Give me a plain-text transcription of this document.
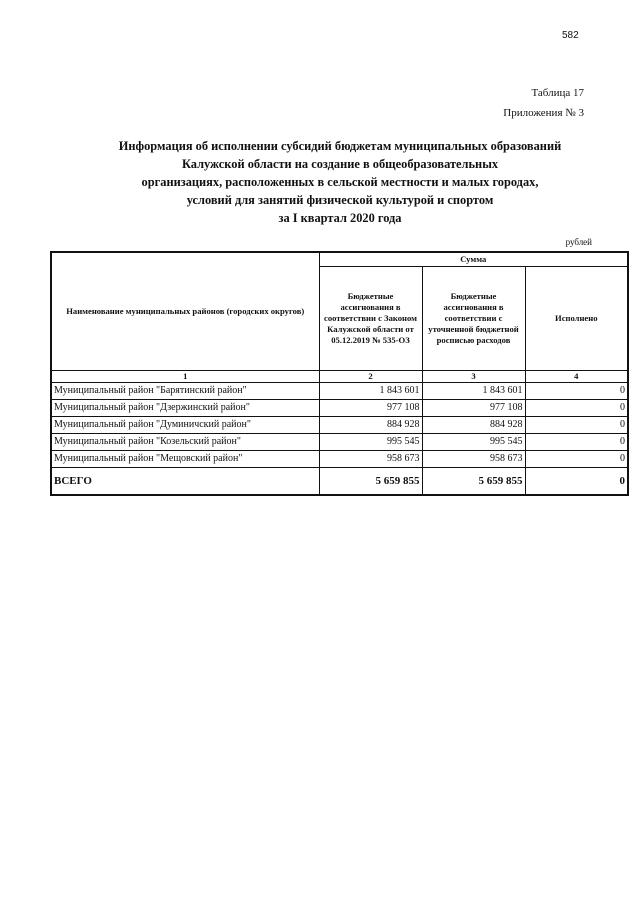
582
Таблица 17
Приложения № 3
Информация об исполнении субсидий бюджетам муниципальных образований
Калужской области на создание в общеобразовательных
организациях, расположенных в сельской местности и малых городах,
условий для занятий физической культурой и спортом
за I квартал 2020 года
рублей
Наименование муниципальных районов (городских округов)	Сумма		
	Бюджетные ассигнования в соответствии с Законом Калужской области от 05.12.2019 № 535-ОЗ	Бюджетные ассигнования в соответствии с уточненной бюджетной росписью расходов	Исполнено
1	2	3	4
Муниципальный район "Барятинский район"	1 843 601	1 843 601	0
Муниципальный район "Дзержинский район"	977 108	977 108	0
Муниципальный район "Думиничский район"	884 928	884 928	0
Муниципальный район "Козельский район"	995 545	995 545	0
Муниципальный район "Мещовский район"	958 673	958 673	0
ВСЕГО	5 659 855	5 659 855	0
